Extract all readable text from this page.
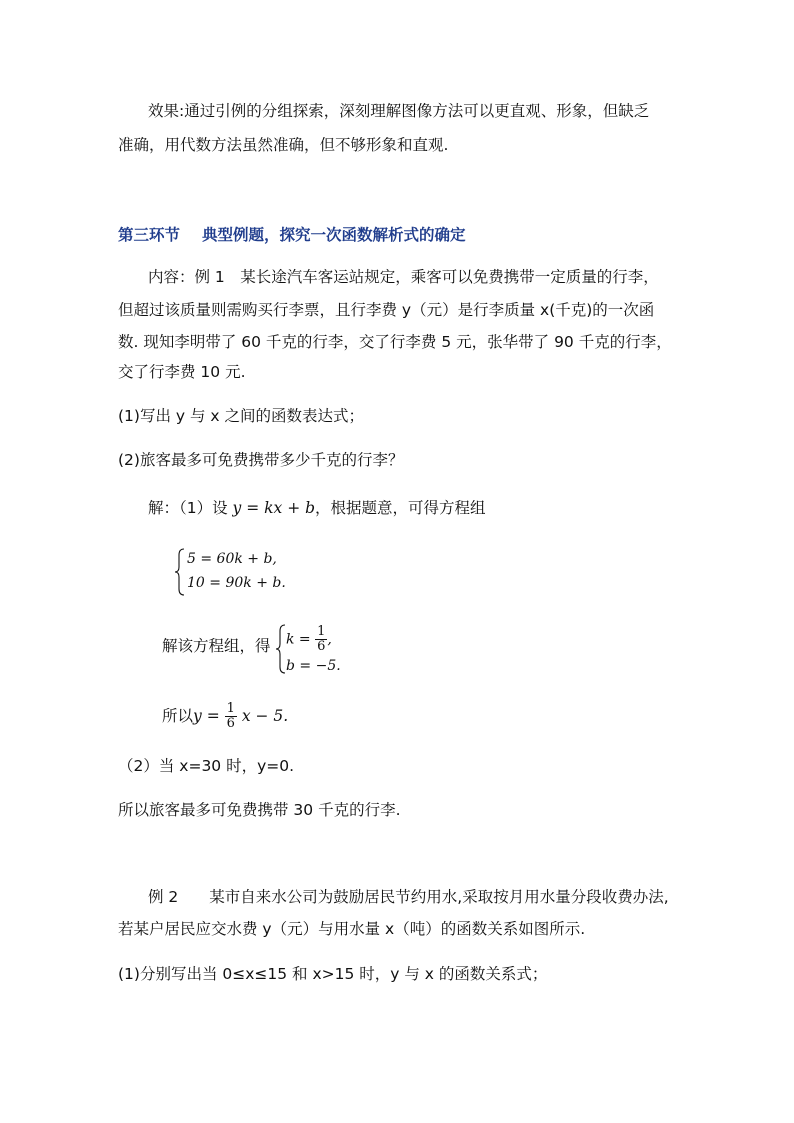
效果:通过引例的分组探索，深刻理解图像方法可以更直观、形象，但缺乏
准确，用代数方法虽然准确，但不够形象和直观.
第三环节 典型例题，探究一次函数解析式的确定
内容：例 1　某长途汽车客运站规定，乘客可以免费携带一定质量的行李，
但超过该质量则需购买行李票，且行李费 y（元）是行李质量 x(千克)的一次函
数. 现知李明带了 60 千克的行李，交了行李费 5 元，张华带了 90 千克的行李，
交了行李费 10 元.
(1)写出 y 与 x 之间的函数表达式；
(2)旅客最多可免费携带多少千克的行李？
解：（1）设 y = kx + b，根据题意，可得方程组
5 = 60k + b,
10 = 90k + b.
解该方程组，得 $k = \frac{1}{6}$ ,
b = −5.
所以$y = \frac{1}{6}$ x − 5.
（2）当 x=30 时，y=0.
所以旅客最多可免费携带 30 千克的行李.
例 2　　某市自来水公司为鼓励居民节约用水,采取按月用水量分段收费办法,
若某户居民应交水费 y（元）与用水量 x（吨）的函数关系如图所示.
(1)分别写出当 0≤x≤15 和 x>15 时，y 与 x 的函数关系式；
